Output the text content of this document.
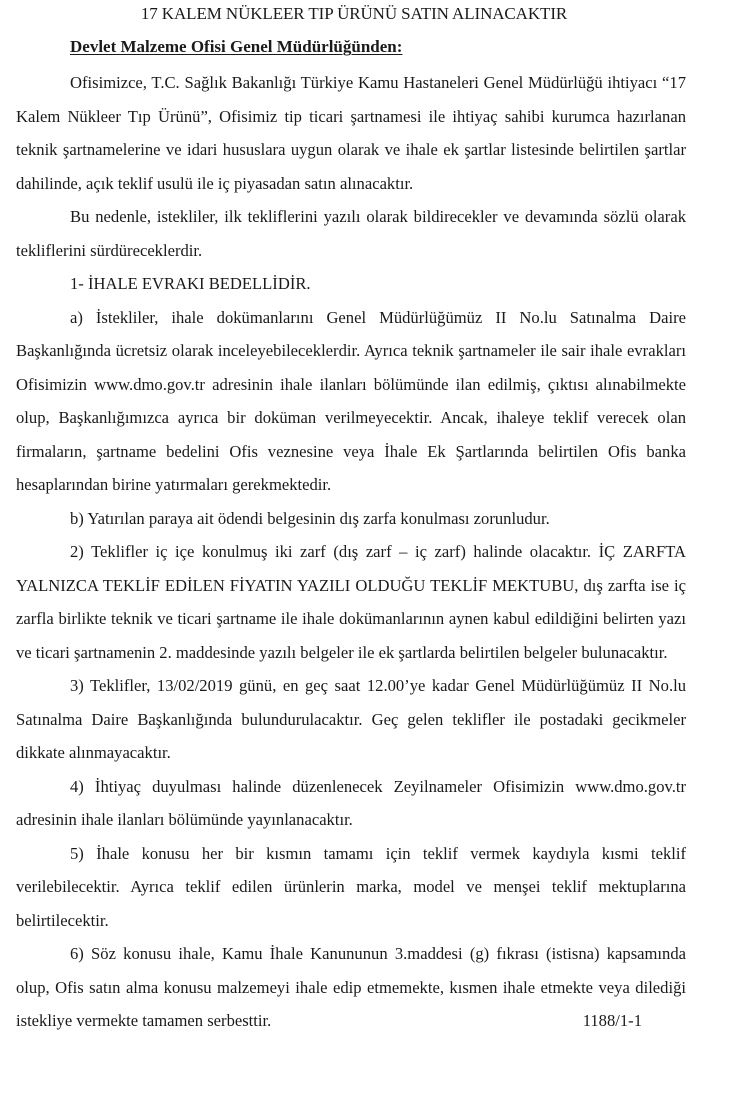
17 KALEM NÜKLEER TIP ÜRÜNÜ SATIN ALINACAKTIR
Devlet Malzeme Ofisi Genel Müdürlüğünden:

Ofisimizce, T.C. Sağlık Bakanlığı Türkiye Kamu Hastaneleri Genel Müdürlüğü ihtiyacı “17 Kalem Nükleer Tıp Ürünü”, Ofisimiz tip ticari şartnamesi ile ihtiyaç sahibi kurumca hazırlanan teknik şartnamelerine ve idari hususlara uygun olarak ve ihale ek şartlar listesinde belirtilen şartlar dahilinde, açık teklif usulü ile iç piyasadan satın alınacaktır.

Bu nedenle, istekliler, ilk tekliflerini yazılı olarak bildirecekler ve devamında sözlü olarak tekliflerini sürdüreceklerdir.

1- İHALE EVRAKI BEDELLİDİR.

a) İstekliler, ihale dokümanlarını Genel Müdürlüğümüz II No.lu Satınalma Daire Başkanlığında ücretsiz olarak inceleyebileceklerdir. Ayrıca teknik şartnameler ile sair ihale evrakları Ofisimizin www.dmo.gov.tr adresinin ihale ilanları bölümünde ilan edilmiş, çıktısı alınabilmekte olup, Başkanlığımızca ayrıca bir doküman verilmeyecektir. Ancak, ihaleye teklif verecek olan firmaların, şartname bedelini Ofis veznesine veya İhale Ek Şartlarında belirtilen Ofis banka hesaplarından birine yatırmaları gerekmektedir.

b) Yatırılan paraya ait ödendi belgesinin dış zarfa konulması zorunludur.

2) Teklifler iç içe konulmuş iki zarf (dış zarf – iç zarf) halinde olacaktır. İÇ ZARFTA YALNIZCA TEKLİF EDİLEN FİYATIN YAZILI OLDUĞU TEKLİF MEKTUBU, dış zarfta ise iç zarfla birlikte teknik ve ticari şartname ile ihale dokümanlarının aynen kabul edildiğini belirten yazı ve ticari şartnamenin 2. maddesinde yazılı belgeler ile ek şartlarda belirtilen belgeler bulunacaktır.

3) Teklifler, 13/02/2019 günü, en geç saat 12.00’ye kadar Genel Müdürlüğümüz II No.lu Satınalma Daire Başkanlığında bulundurulacaktır. Geç gelen teklifler ile postadaki gecikmeler dikkate alınmayacaktır.

4) İhtiyaç duyulması halinde düzenlenecek Zeyilnameler Ofisimizin www.dmo.gov.tr adresinin ihale ilanları bölümünde yayınlanacaktır.

5) İhale konusu her bir kısmın tamamı için teklif vermek kaydıyla kısmi teklif verilebilecektir. Ayrıca teklif edilen ürünlerin marka, model ve menşei teklif mektuplarına belirtilecektir.

6) Söz konusu ihale, Kamu İhale Kanununun 3.maddesi (g) fıkrası (istisna) kapsamında olup, Ofis satın alma konusu malzemeyi ihale edip etmemekte, kısmen ihale etmekte veya dilediği istekliye vermekte tamamen serbesttir.	1188/1-1
